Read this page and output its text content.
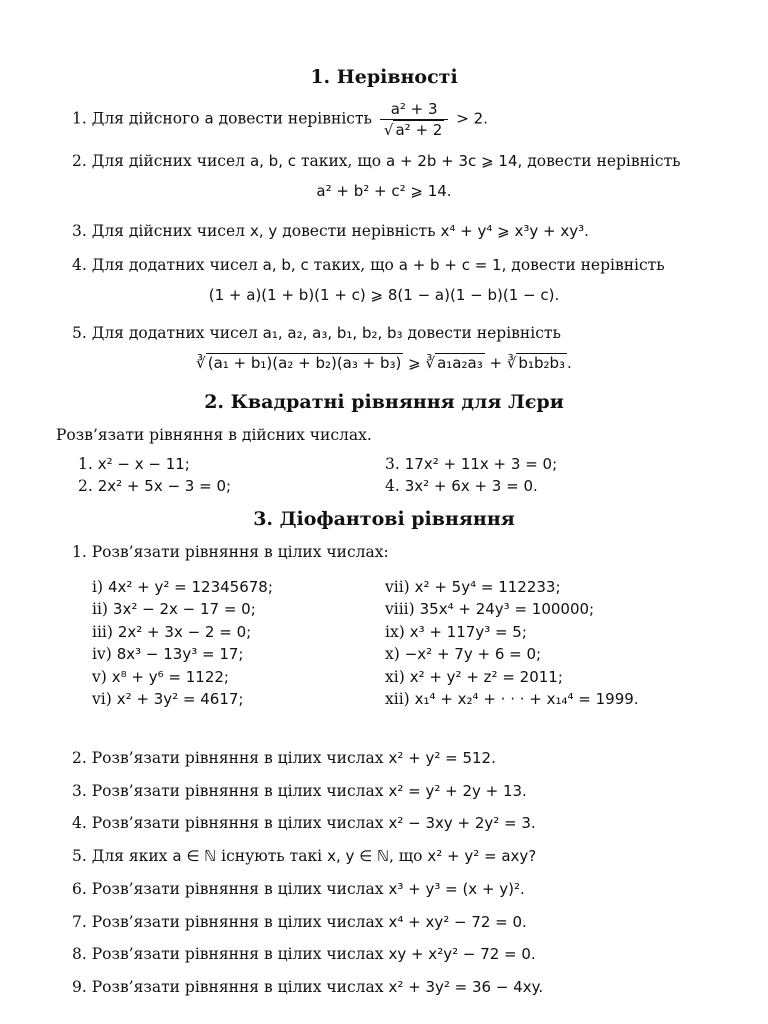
1. Нерівності
1. Для дійсного a довести нерівність $\frac{\text{a² + 3}}{\text{√ a² + 2}} > 2$.
2. Для дійсних чисел a, b, c таких, що a + 2b + 3c ⩾ 14, довести нерівність
a² + b² + c² ⩾ 14.
3. Для дійсних чисел x, y довести нерівність x⁴ + y⁴ ⩾ x³y + xy³.
4. Для додатних чисел a, b, c таких, що a + b + c = 1, довести нерівність
(1 + a)(1 + b)(1 + c) ⩾ 8(1 − a)(1 − b)(1 − c).
5. Для додатних чисел a₁, a₂, a₃, b₁, b₂, b₃ довести нерівність
∛ (a₁ + b₁)(a₂ + b₂)(a₃ + b₃) ⩾ ∛ a₁a₂a₃ + ∛ b₁b₂b₃ .
2. Квадратні рівняння для Лєри
Розв’язати рівняння в дійсних числах.
1. x² − x − 11;
2. 2x² + 5x − 3 = 0;
3. 17x² + 11x + 3 = 0;
4. 3x² + 6x + 3 = 0.
3. Діофантові рівняння
1. Розв’язати рівняння в цілих числах:
i) 4x² + y² = 12345678;
ii) 3x² − 2x − 17 = 0;
iii) 2x² + 3x − 2 = 0;
iv) 8x³ − 13y³ = 17;
v) x⁸ + y⁶ = 1122;
vi) x² + 3y² = 4617;
vii) x² + 5y⁴ = 112233;
viii) 35x⁴ + 24y³ = 100000;
ix) x³ + 117y³ = 5;
x) −x² + 7y + 6 = 0;
xi) x² + y² + z² = 2011;
xii) x₁⁴ + x₂⁴ + · · · + x₁₄⁴ = 1999.
2. Розв’язати рівняння в цілих числах x² + y² = 512.
3. Розв’язати рівняння в цілих числах x² = y² + 2y + 13.
4. Розв’язати рівняння в цілих числах x² − 3xy + 2y² = 3.
5. Для яких a ∈ ℕ існують такі x, y ∈ ℕ, що x² + y² = axy?
6. Розв’язати рівняння в цілих числах x³ + y³ = (x + y)².
7. Розв’язати рівняння в цілих числах x⁴ + xy² − 72 = 0.
8. Розв’язати рівняння в цілих числах xy + x²y² − 72 = 0.
9. Розв’язати рівняння в цілих числах x² + 3y² = 36 − 4xy.
